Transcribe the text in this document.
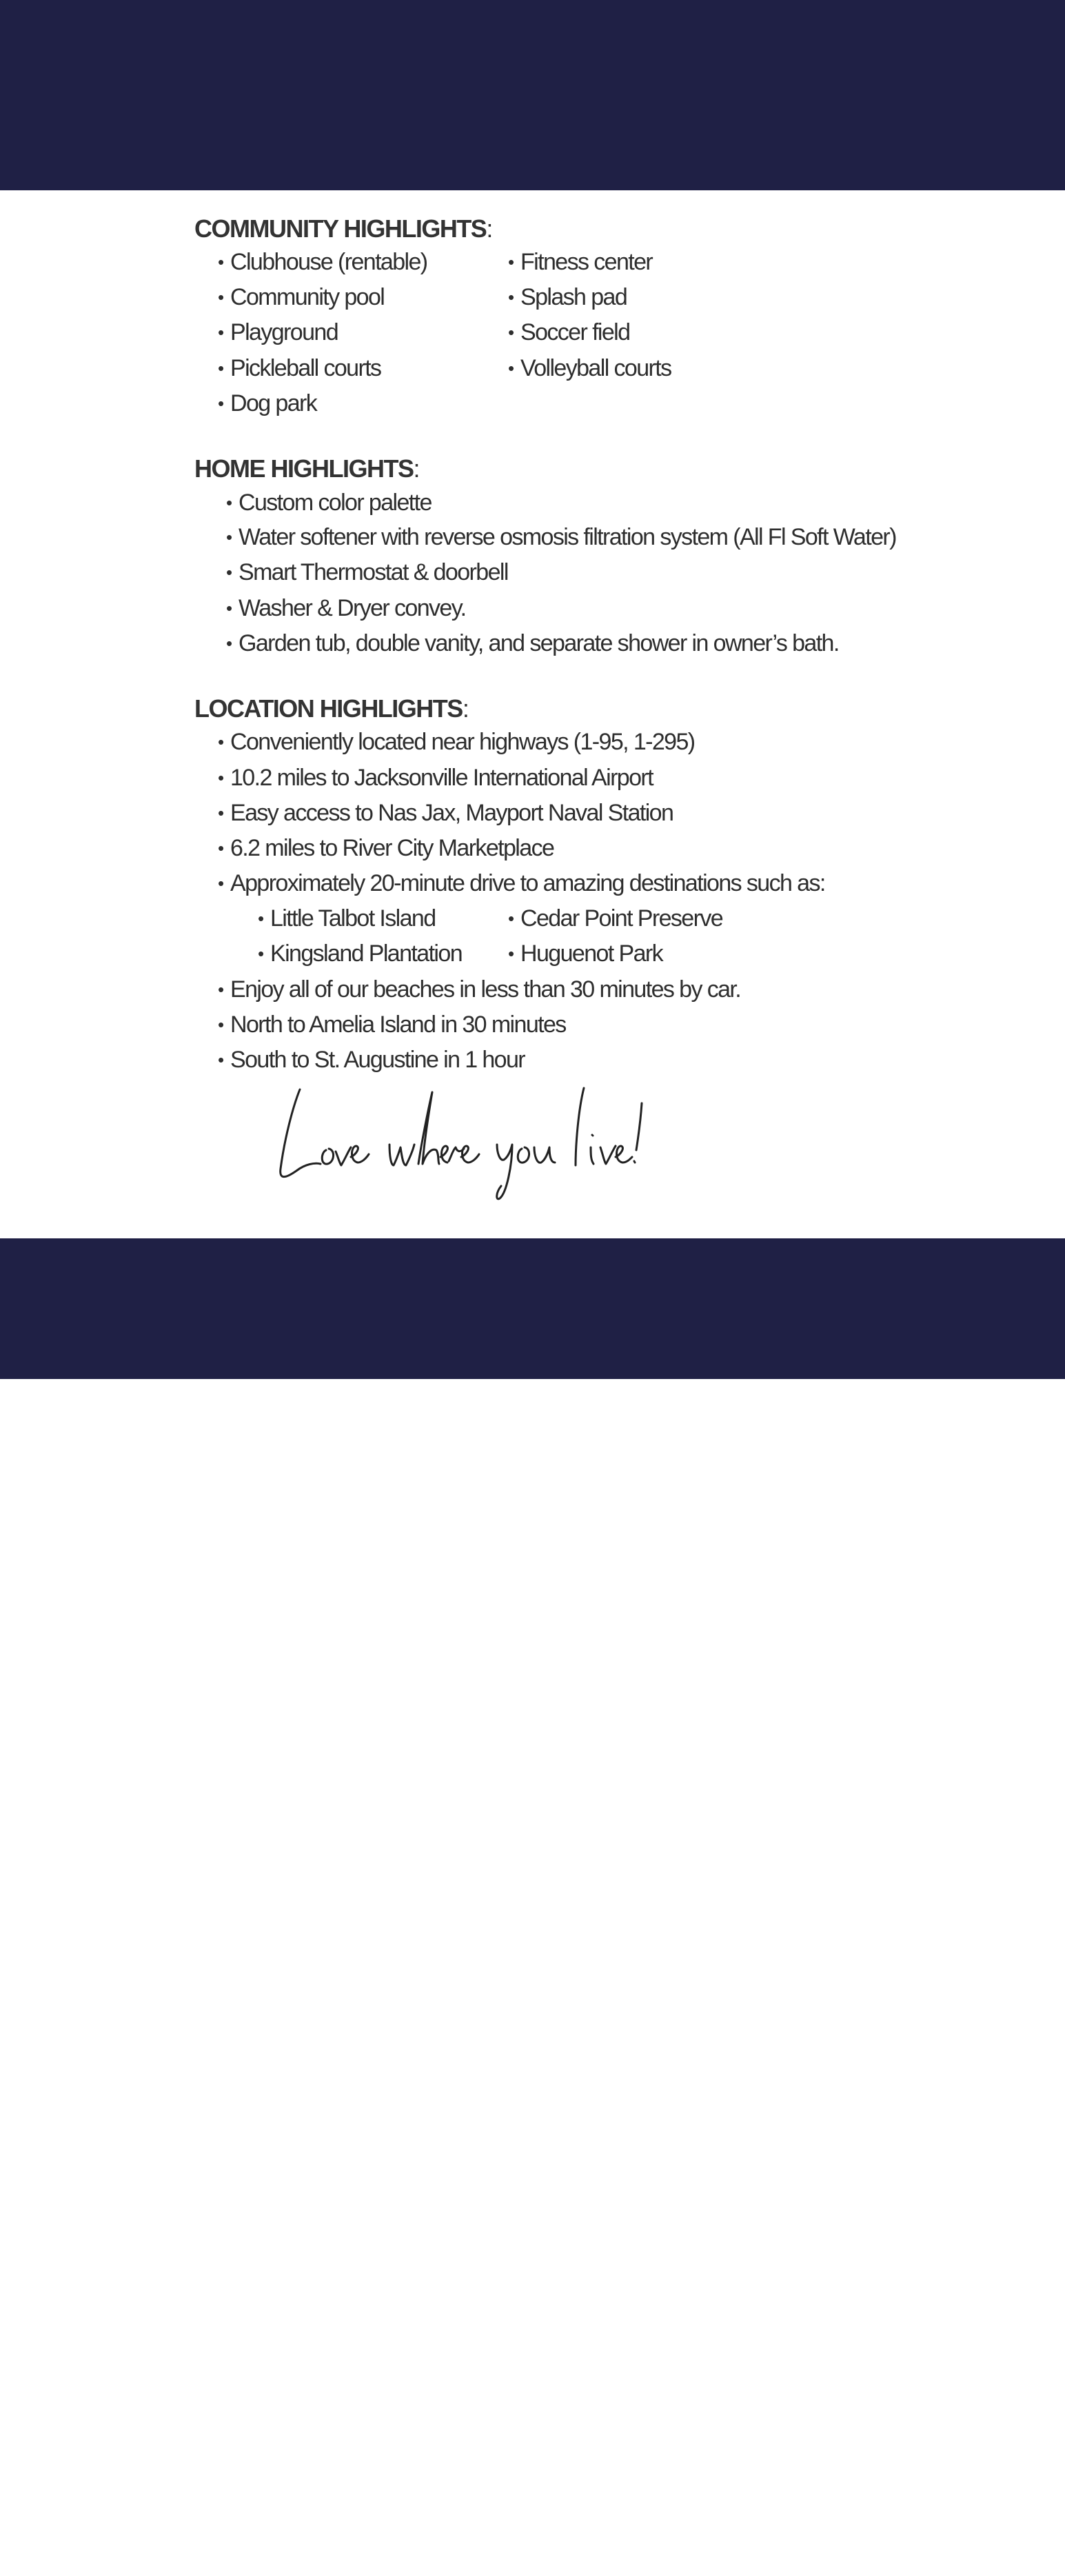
COMMUNITY HIGHLIGHTS:
• Clubhouse (rentable)
• Community pool
• Playground
• Pickleball courts
• Dog park
• Fitness center
• Splash pad
• Soccer field
• Volleyball courts
HOME HIGHLIGHTS:
• Custom color palette
• Water softener with reverse osmosis filtration system (All Fl Soft Water)
• Smart Thermostat & doorbell
• Washer & Dryer convey.
• Garden tub, double vanity, and separate shower in owner’s bath.
LOCATION HIGHLIGHTS:
• Conveniently located near highways (1-95, 1-295)
• 10.2 miles to Jacksonville International Airport
• Easy access to Nas Jax, Mayport Naval Station
• 6.2 miles to River City Marketplace
• Approximately 20-minute drive to amazing destinations such as:
• Little Talbot Island
• Kingsland Plantation
• Cedar Point Preserve
• Huguenot Park
• Enjoy all of our beaches in less than 30 minutes by car.
• North to Amelia Island in 30 minutes
• South to St. Augustine in 1 hour
©2025 NEFMLS, Inc
